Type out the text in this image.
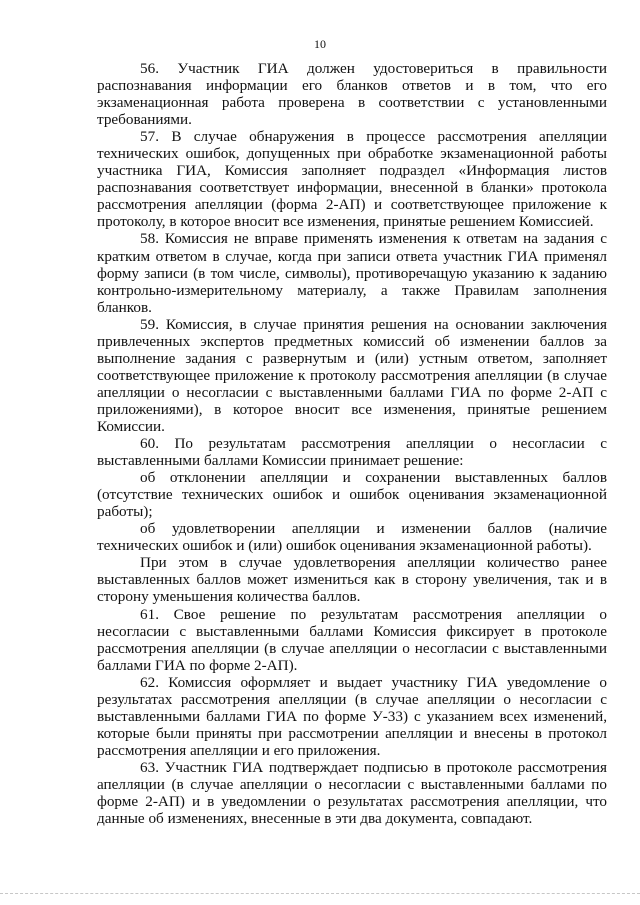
10

56. Участник ГИА должен удостовериться в правильности распознавания информации его бланков ответов и в том, что его экзаменационная работа проверена в соответствии с установленными требованиями.

57. В случае обнаружения в процессе рассмотрения апелляции технических ошибок, допущенных при обработке экзаменационной работы участника ГИА, Комиссия заполняет подраздел «Информация листов распознавания соответствует информации, внесенной в бланки» протокола рассмотрения апелляции (форма 2-АП) и соответствующее приложение к протоколу, в которое вносит все изменения, принятые решением Комиссией.

58. Комиссия не вправе применять изменения к ответам на задания с кратким ответом в случае, когда при записи ответа участник ГИА применял форму записи (в том числе, символы), противоречащую указанию к заданию контрольно-измерительному материалу, а также Правилам заполнения бланков.

59. Комиссия, в случае принятия решения на основании заключения привлеченных экспертов предметных комиссий об изменении баллов за выполнение задания с развернутым и (или) устным ответом, заполняет соответствующее приложение к протоколу рассмотрения апелляции (в случае апелляции о несогласии с выставленными баллами ГИА по форме 2-АП с приложениями), в которое вносит все изменения, принятые решением Комиссии.

60. По результатам рассмотрения апелляции о несогласии с выставленными баллами Комиссии принимает решение:

об отклонении апелляции и сохранении выставленных баллов (отсутствие технических ошибок и ошибок оценивания экзаменационной работы);

об удовлетворении апелляции и изменении баллов (наличие технических ошибок и (или) ошибок оценивания экзаменационной работы).

При этом в случае удовлетворения апелляции количество ранее выставленных баллов может измениться как в сторону увеличения, так и в сторону уменьшения количества баллов.

61. Свое решение по результатам рассмотрения апелляции о несогласии с выставленными баллами Комиссия фиксирует в протоколе рассмотрения апелляции (в случае апелляции о несогласии с выставленными баллами ГИА по форме 2-АП).

62. Комиссия оформляет и выдает участнику ГИА уведомление о результатах рассмотрения апелляции (в случае апелляции о несогласии с выставленными баллами ГИА по форме У-33) с указанием всех изменений, которые были приняты при рассмотрении апелляции и внесены в протокол рассмотрения апелляции и его приложения.

63. Участник ГИА подтверждает подписью в протоколе рассмотрения апелляции (в случае апелляции о несогласии с выставленными баллами по форме 2-АП) и в уведомлении о результатах рассмотрения апелляции, что данные об изменениях, внесенные в эти два документа, совпадают.
